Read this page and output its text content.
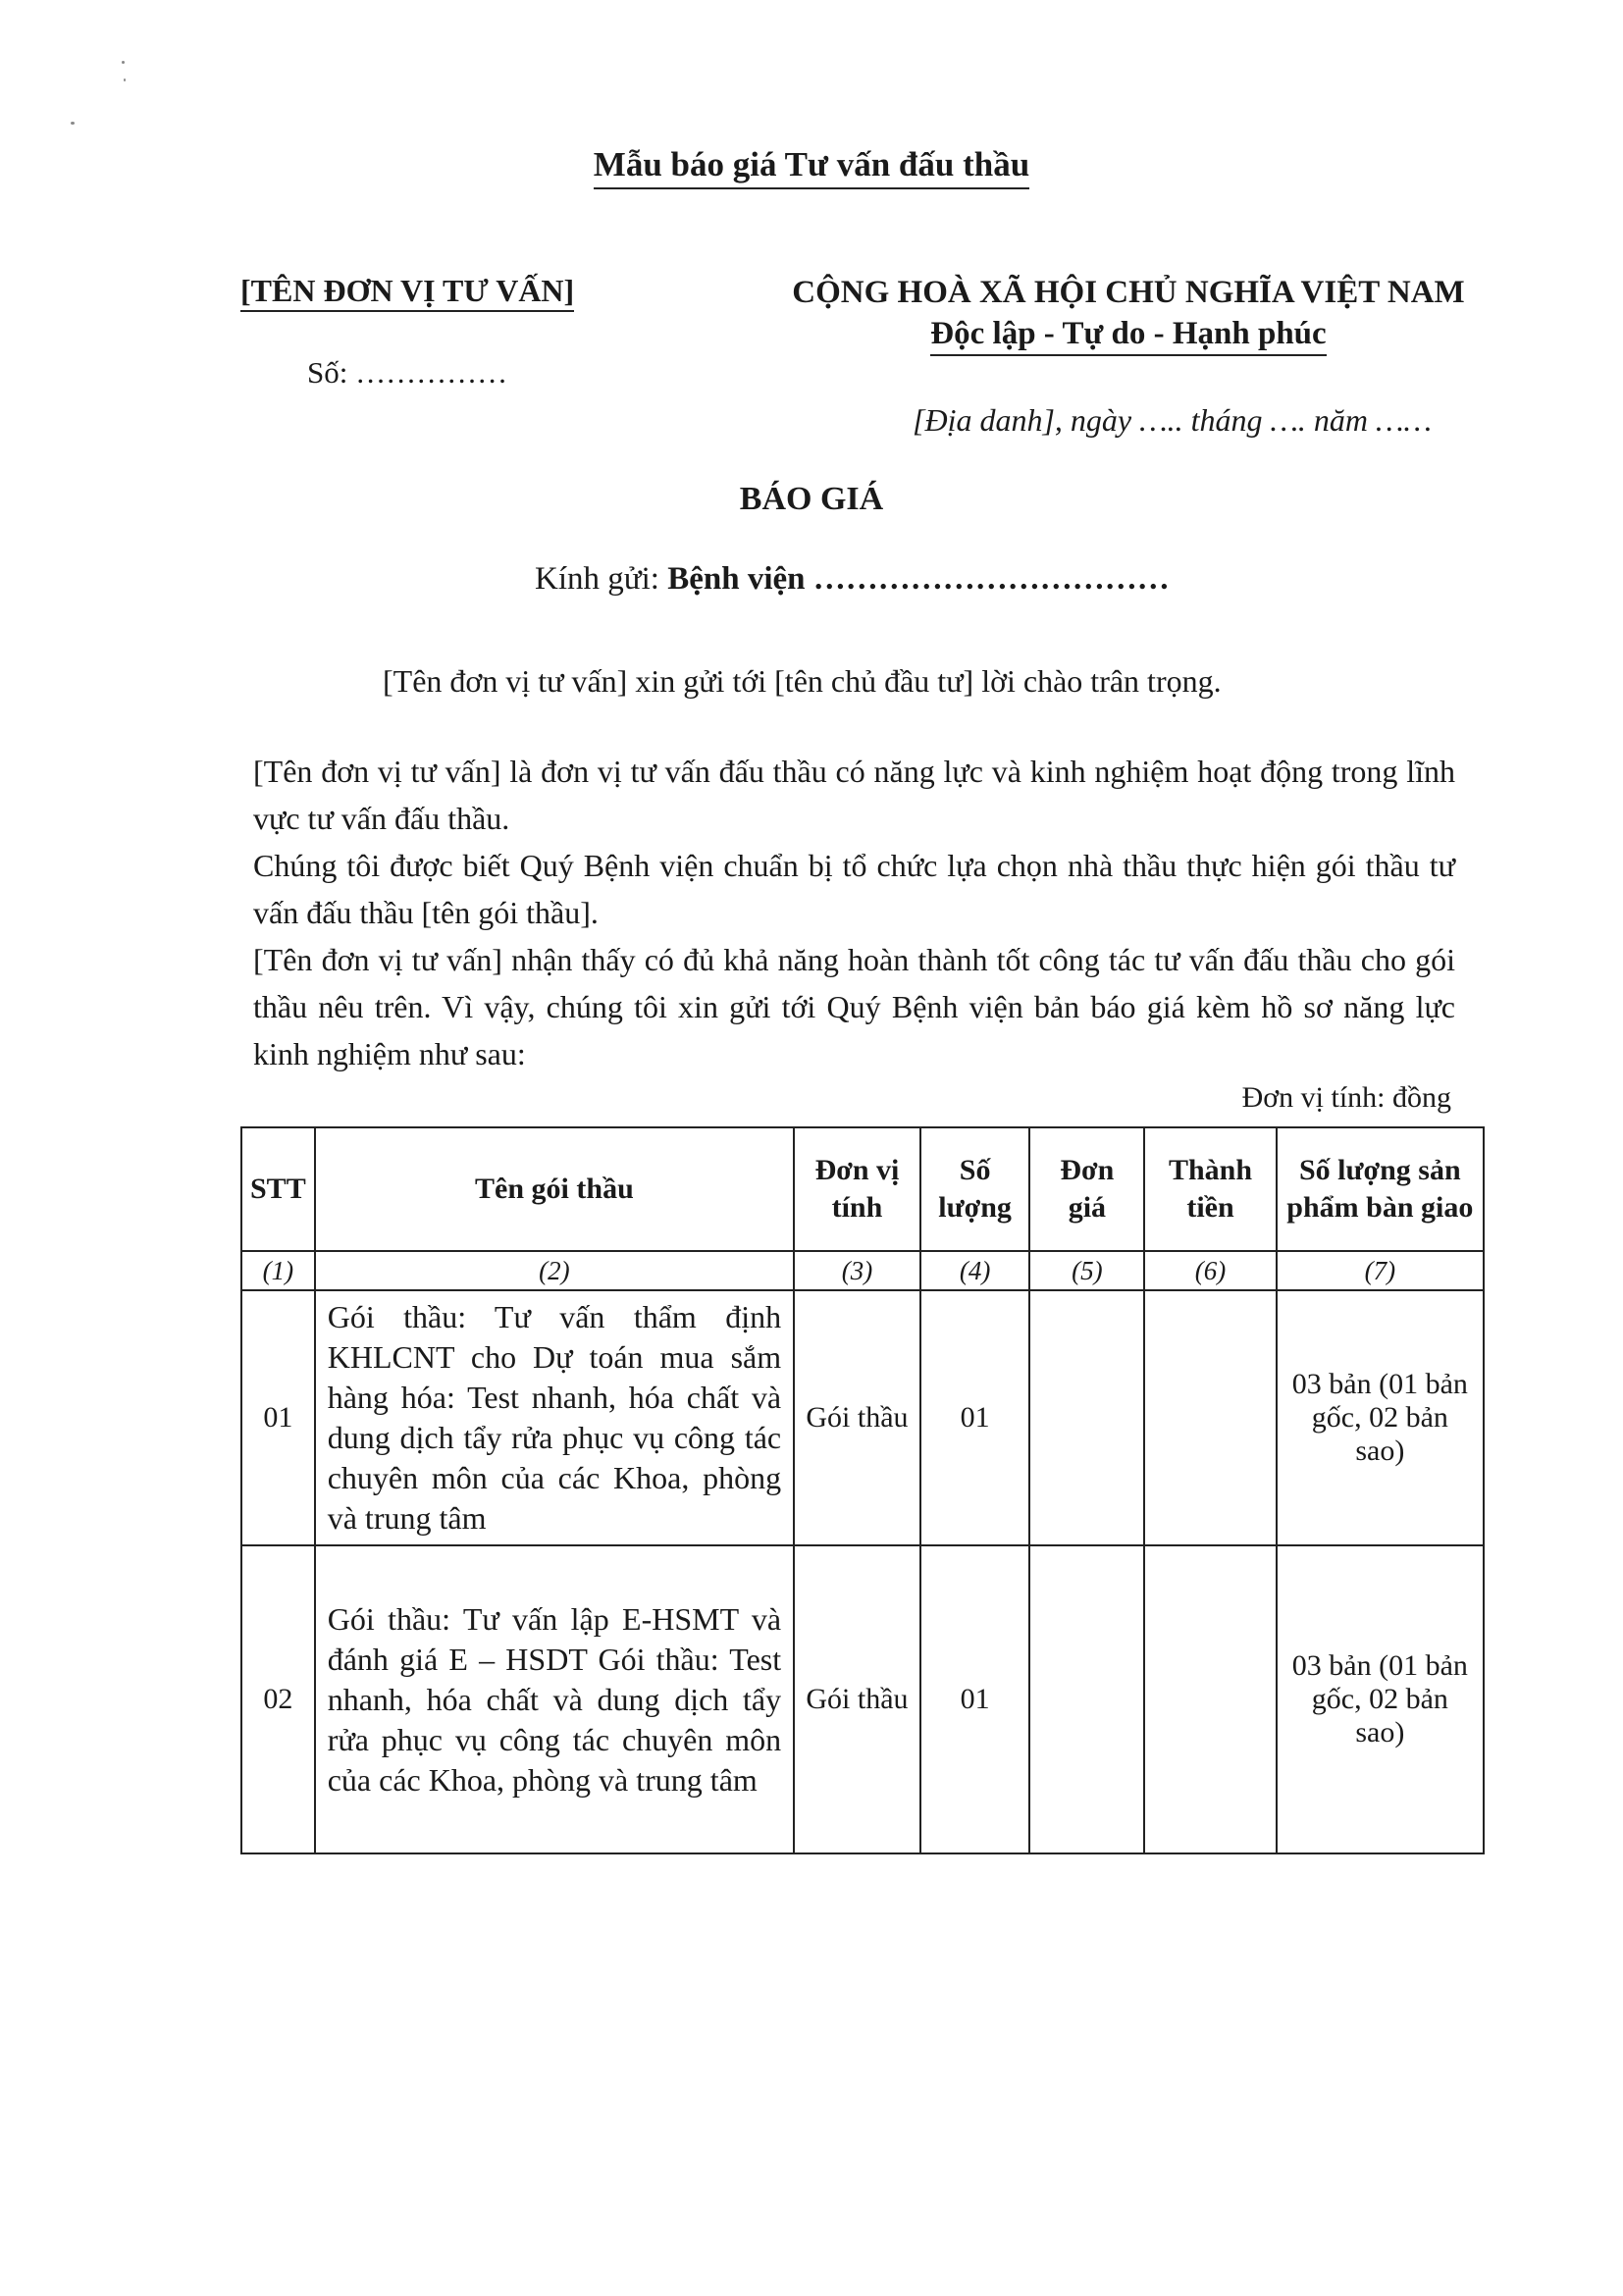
Mẫu báo giá Tư vấn đấu thầu
[TÊN ĐƠN VỊ TƯ VẤN]
Số: ……………
CỘNG HOÀ XÃ HỘI CHỦ NGHĨA VIỆT NAM
Độc lập - Tự do - Hạnh phúc
[Địa danh], ngày ….. tháng …. năm ……
BÁO GIÁ
Kính gửi: Bệnh viện ……………………………
[Tên đơn vị tư vấn] xin gửi tới [tên chủ đầu tư] lời chào trân trọng.

[Tên đơn vị tư vấn] là đơn vị tư vấn đấu thầu có năng lực và kinh nghiệm hoạt động trong lĩnh vực tư vấn đấu thầu.

Chúng tôi được biết Quý Bệnh viện chuẩn bị tổ chức lựa chọn nhà thầu thực hiện gói thầu tư vấn đấu thầu [tên gói thầu].

[Tên đơn vị tư vấn] nhận thấy có đủ khả năng hoàn thành tốt công tác tư vấn đấu thầu cho gói thầu nêu trên. Vì vậy, chúng tôi xin gửi tới Quý Bệnh viện bản báo giá kèm hồ sơ năng lực kinh nghiệm như sau:

Đơn vị tính: đồng
STT	Tên gói thầu	Đơn vị tính	Số lượng	Đơn giá	Thành tiền	Số lượng sản phẩm bàn giao
(1)	(2)	(3)	(4)	(5)	(6)	(7)
01	Gói thầu: Tư vấn thẩm định KHLCNT cho Dự toán mua sắm hàng hóa: Test nhanh, hóa chất và dung dịch tẩy rửa phục vụ công tác chuyên môn của các Khoa, phòng và trung tâm	Gói thầu	01			03 bản (01 bản gốc, 02 bản sao)
02	Gói thầu: Tư vấn lập E-HSMT và đánh giá E – HSDT Gói thầu: Test nhanh, hóa chất và dung dịch tẩy rửa phục vụ công tác chuyên môn của các Khoa, phòng và trung tâm	Gói thầu	01			03 bản (01 bản gốc, 02 bản sao)
